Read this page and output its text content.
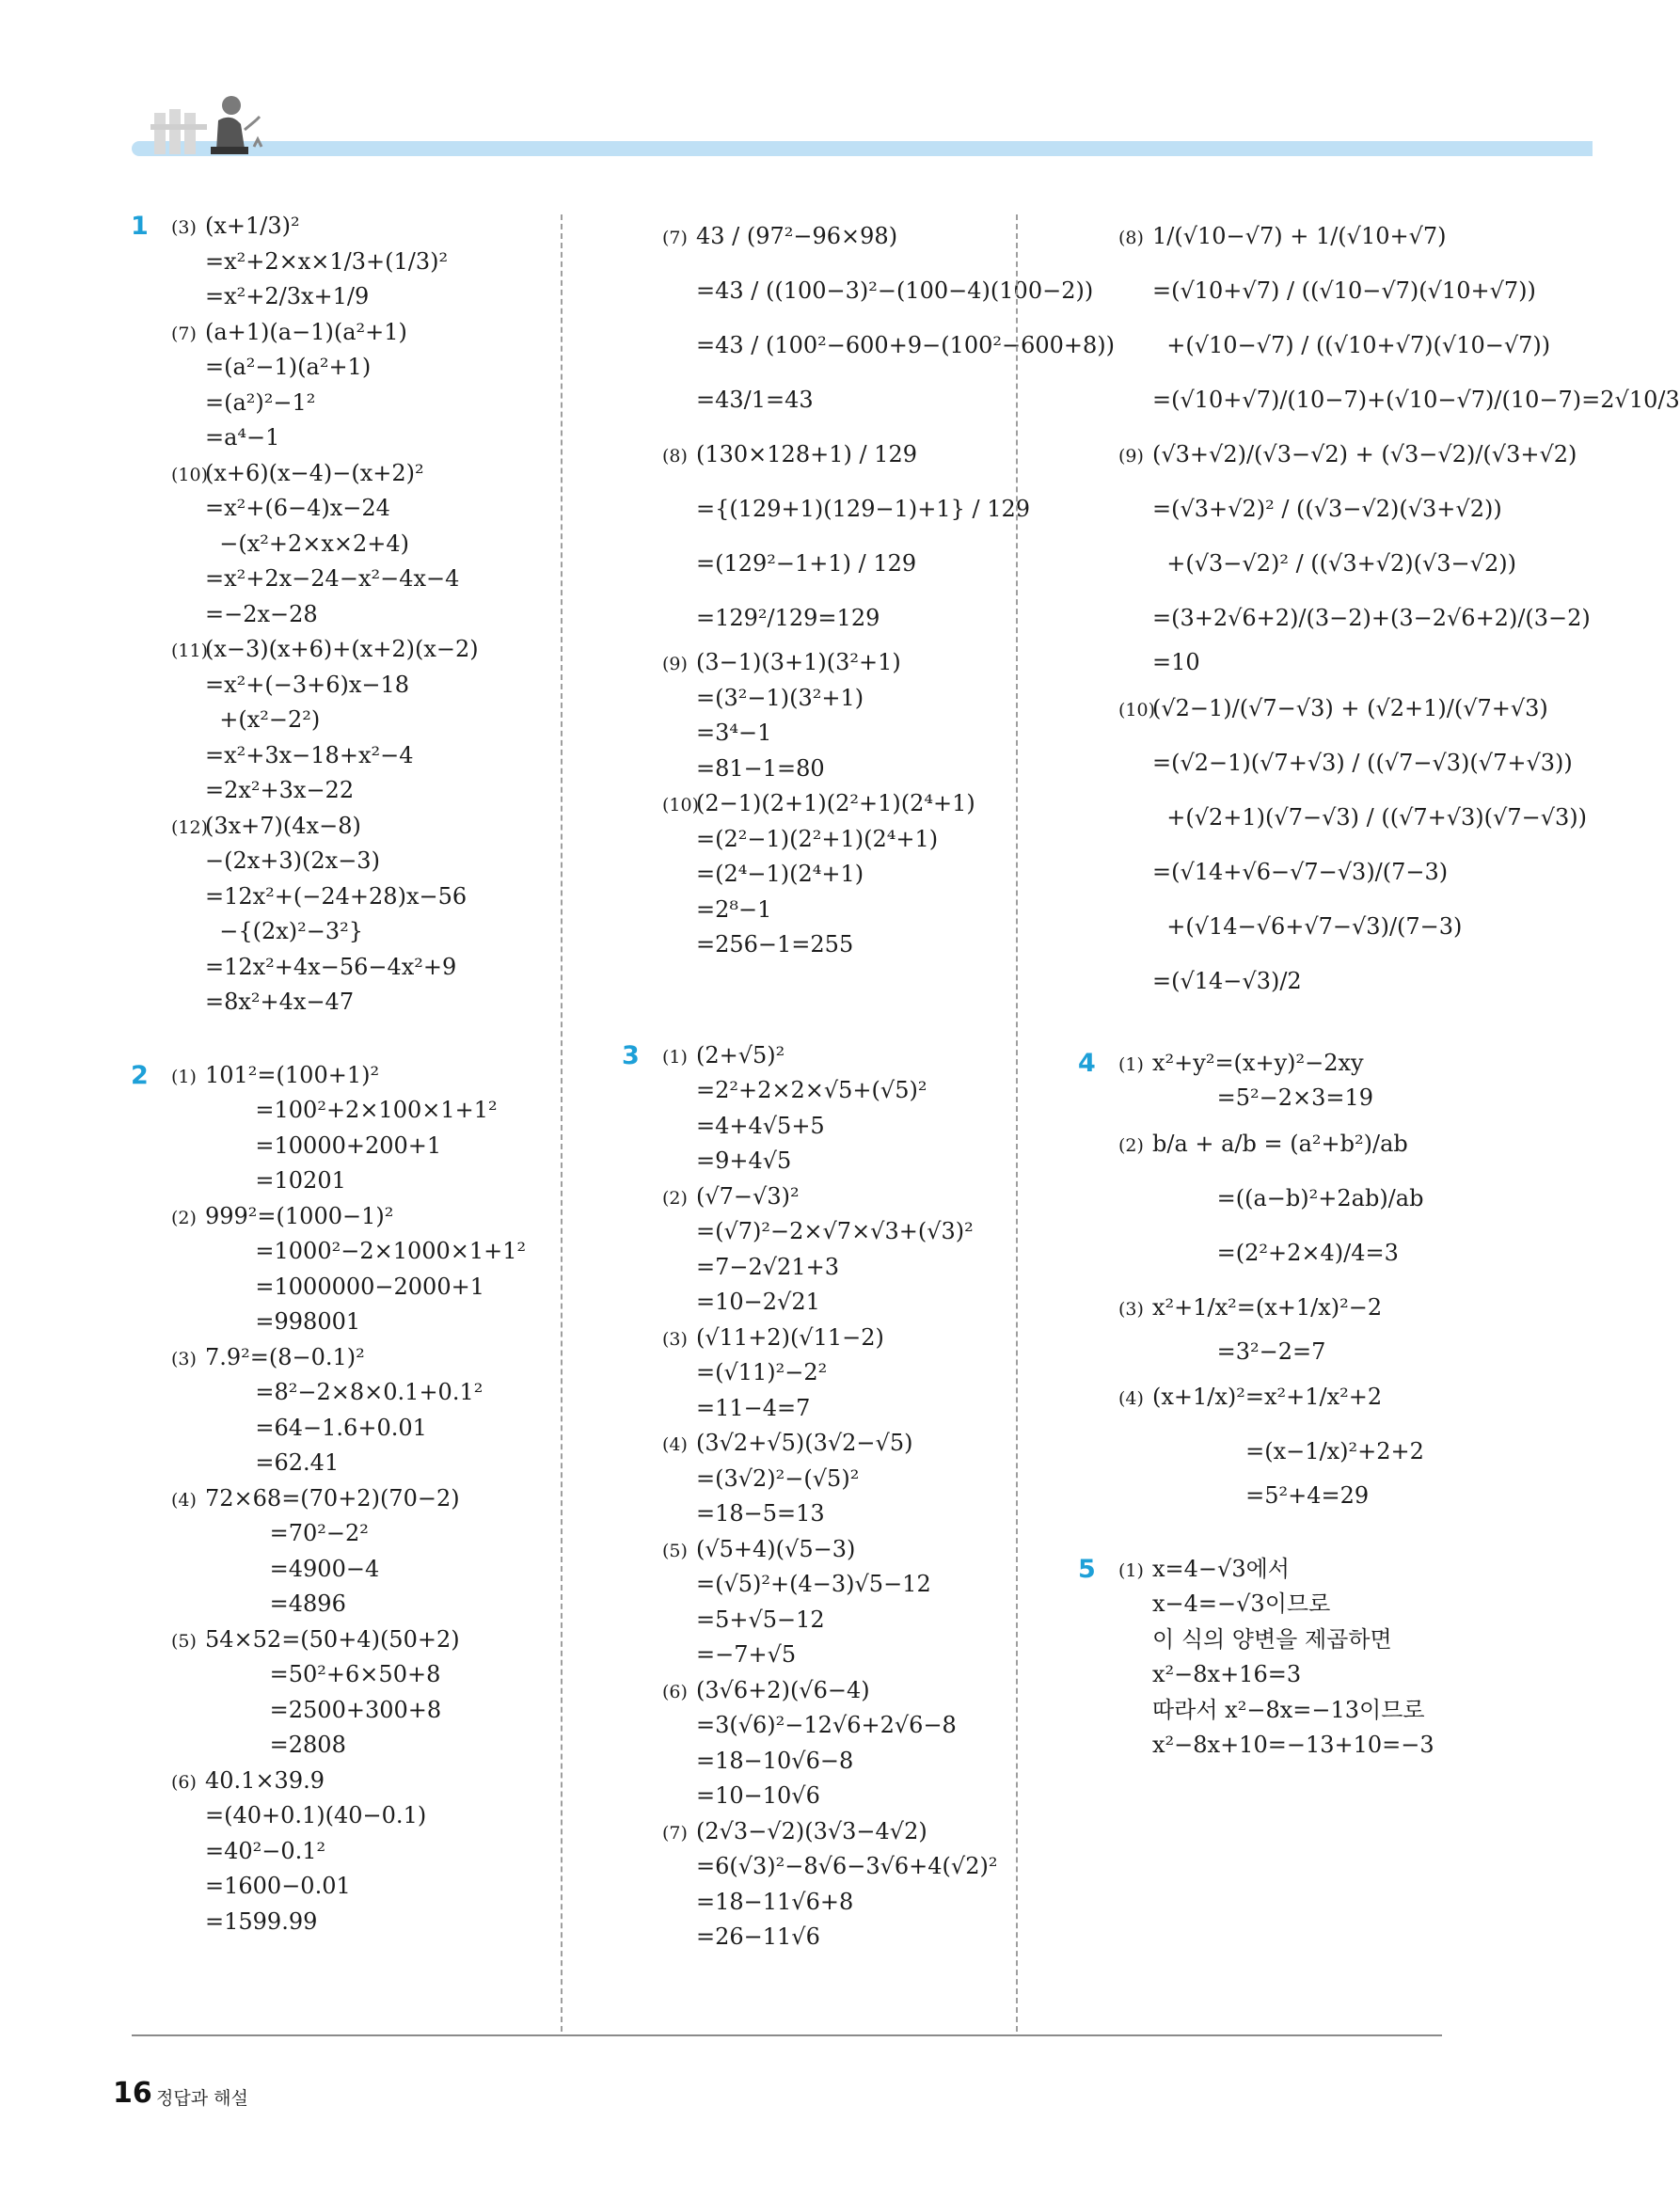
1 (3) (x+1/3)²
=x²+2×x×1/3+(1/3)²
=x²+2/3x+1/9
(7) (a+1)(a−1)(a²+1)
=(a²−1)(a²+1)
=(a²)²−1²
=a⁴−1
(10)(x+6)(x−4)−(x+2)²
=x²+(6−4)x−24
−(x²+2×x×2+4)
=x²+2x−24−x²−4x−4
=−2x−28
(11)(x−3)(x+6)+(x+2)(x−2)
=x²+(−3+6)x−18
+(x²−2²)
=x²+3x−18+x²−4
=2x²+3x−22
(12)(3x+7)(4x−8)
−(2x+3)(2x−3)
=12x²+(−24+28)x−56
−{(2x)²−3²}
=12x²+4x−56−4x²+9
=8x²+4x−47
2 (1) 101²=(100+1)²
=100²+2×100×1+1²
=10000+200+1
=10201
(2) 999²=(1000−1)²
=1000²−2×1000×1+1²
=1000000−2000+1
=998001
(3) 7.9²=(8−0.1)²
=8²−2×8×0.1+0.1²
=64−1.6+0.01
=62.41
(4) 72×68=(70+2)(70−2)
=70²−2²
=4900−4
=4896
(5) 54×52=(50+4)(50+2)
=50²+6×50+8
=2500+300+8
=2808
(6) 40.1×39.9
=(40+0.1)(40−0.1)
=40²−0.1²
=1600−0.01
=1599.99
(7) 43 / (97²−96×98)
=43 / ((100−3)²−(100−4)(100−2))
=43 / (100²−600+9−(100²−600+8))
=43/1=43
(8) (130×128+1) / 129
={(129+1)(129−1)+1} / 129
=(129²−1+1) / 129
=129²/129=129
(9) (3−1)(3+1)(3²+1)
=(3²−1)(3²+1)
=3⁴−1
=81−1=80
(10)(2−1)(2+1)(2²+1)(2⁴+1)
=(2²−1)(2²+1)(2⁴+1)
=(2⁴−1)(2⁴+1)
=2⁸−1
=256−1=255
3 (1) (2+√5)²
=2²+2×2×√5+(√5)²
=4+4√5+5
=9+4√5
(2) (√7−√3)²
=(√7)²−2×√7×√3+(√3)²
=7−2√21+3
=10−2√21
(3) (√11+2)(√11−2)
=(√11)²−2²
=11−4=7
(4) (3√2+√5)(3√2−√5)
=(3√2)²−(√5)²
=18−5=13
(5) (√5+4)(√5−3)
=(√5)²+(4−3)√5−12
=5+√5−12
=−7+√5
(6) (3√6+2)(√6−4)
=3(√6)²−12√6+2√6−8
=18−10√6−8
=10−10√6
(7) (2√3−√2)(3√3−4√2)
=6(√3)²−8√6−3√6+4(√2)²
=18−11√6+8
=26−11√6
(8) 1/(√10−√7) + 1/(√10+√7)
=(√10+√7) / ((√10−√7)(√10+√7))
+(√10−√7) / ((√10+√7)(√10−√7))
=(√10+√7)/(10−7)+(√10−√7)/(10−7)=2√10/3
(9) (√3+√2)/(√3−√2) + (√3−√2)/(√3+√2)
=(√3+√2)² / ((√3−√2)(√3+√2))
+(√3−√2)² / ((√3+√2)(√3−√2))
=(3+2√6+2)/(3−2)+(3−2√6+2)/(3−2)
=10
(10)(√2−1)/(√7−√3) + (√2+1)/(√7+√3)
=(√2−1)(√7+√3) / ((√7−√3)(√7+√3))
+(√2+1)(√7−√3) / ((√7+√3)(√7−√3))
=(√14+√6−√7−√3)/(7−3)
+(√14−√6+√7−√3)/(7−3)
=(√14−√3)/2
4 (1) x²+y²=(x+y)²−2xy
=5²−2×3=19
(2) b/a + a/b = (a²+b²)/ab
=((a−b)²+2ab)/ab
=(2²+2×4)/4=3
(3) x²+1/x²=(x+1/x)²−2
=3²−2=7
(4) (x+1/x)²=x²+1/x²+2
=(x−1/x)²+2+2
=5²+4=29
5 (1) x=4−√3에서
x−4=−√3이므로
이 식의 양변을 제곱하면
x²−8x+16=3
따라서 x²−8x=−13이므로
x²−8x+10=−13+10=−3
16 정답과 해설
